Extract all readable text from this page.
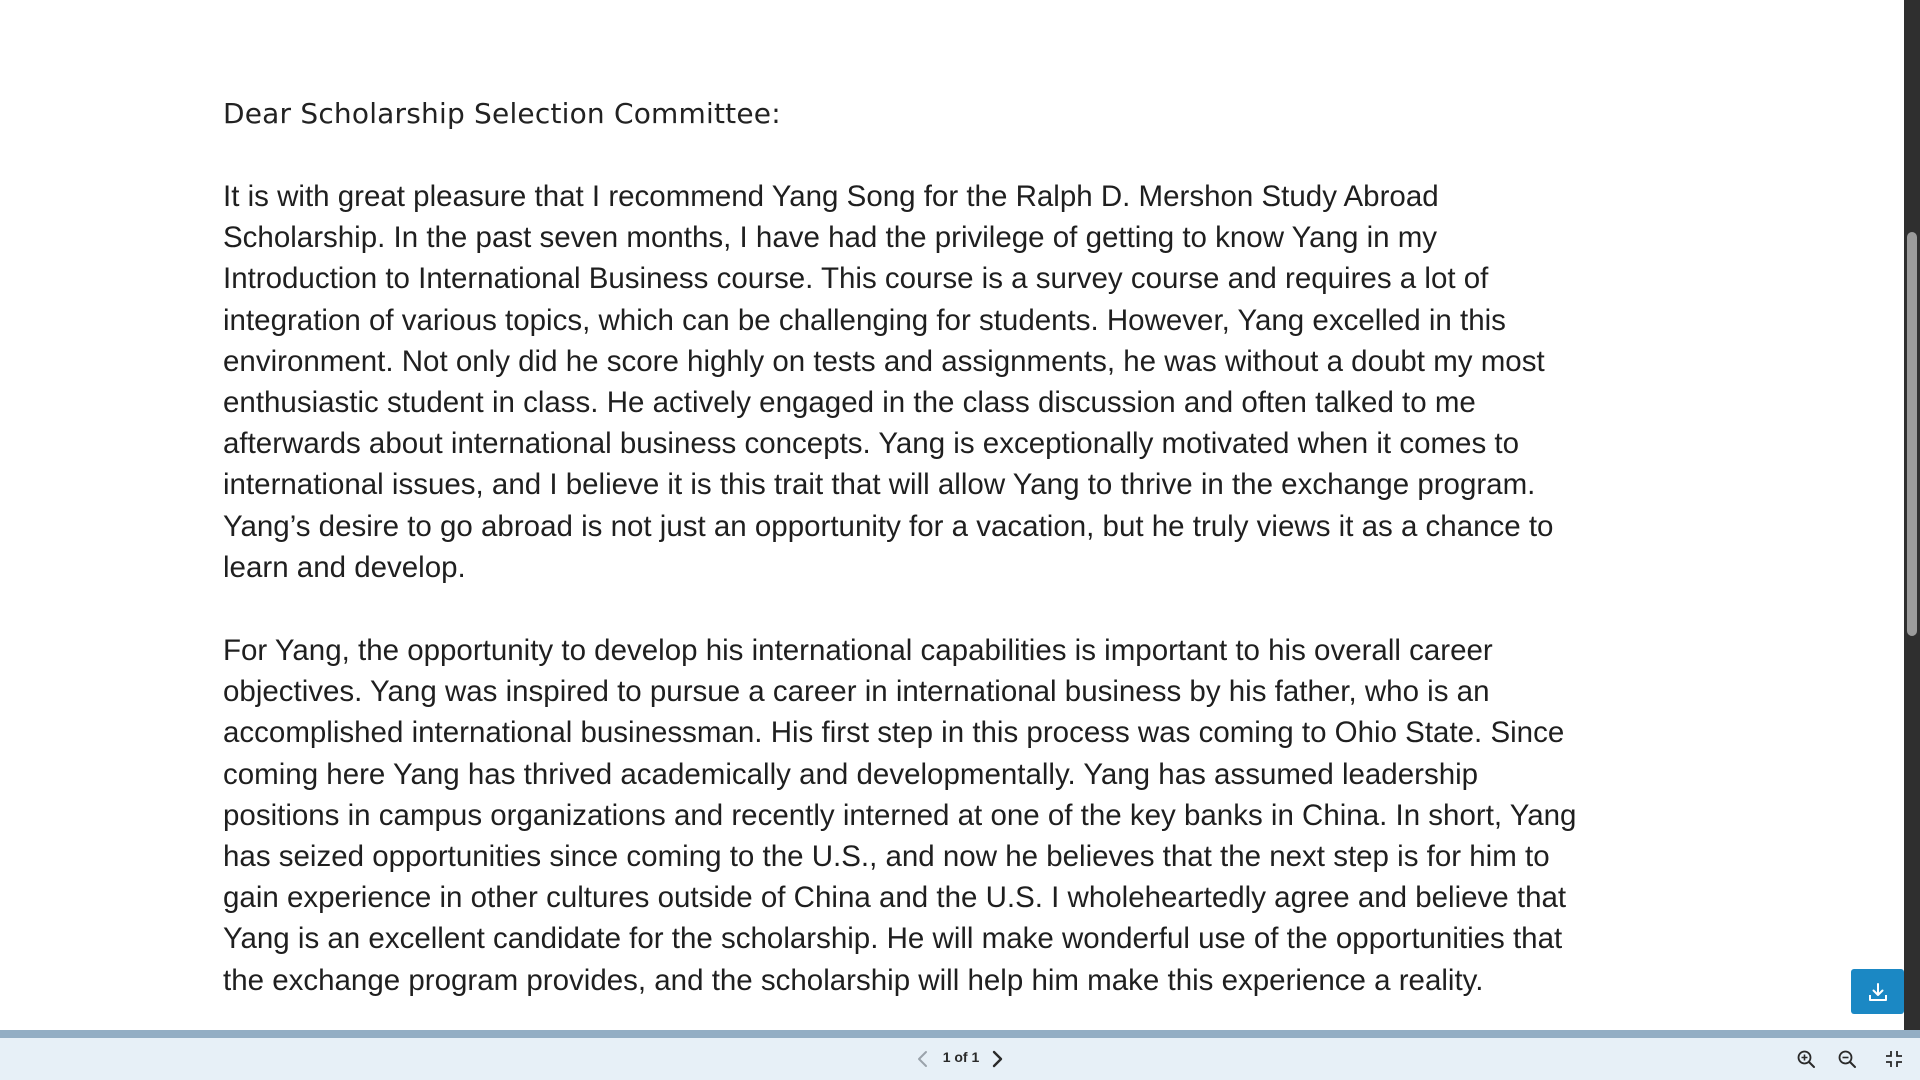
Dear Scholarship Selection Committee:

It is with great pleasure that I recommend Yang Song for the Ralph D. Mershon Study Abroad
Scholarship. In the past seven months, I have had the privilege of getting to know Yang in my
Introduction to International Business course. This course is a survey course and requires a lot of
integration of various topics, which can be challenging for students. However, Yang excelled in this
environment. Not only did he score highly on tests and assignments, he was without a doubt my most
enthusiastic student in class. He actively engaged in the class discussion and often talked to me
afterwards about international business concepts. Yang is exceptionally motivated when it comes to
international issues, and I believe it is this trait that will allow Yang to thrive in the exchange program.
Yang’s desire to go abroad is not just an opportunity for a vacation, but he truly views it as a chance to
learn and develop.

For Yang, the opportunity to develop his international capabilities is important to his overall career
objectives. Yang was inspired to pursue a career in international business by his father, who is an
accomplished international businessman. His first step in this process was coming to Ohio State. Since
coming here Yang has thrived academically and developmentally. Yang has assumed leadership
positions in campus organizations and recently interned at one of the key banks in China. In short, Yang
has seized opportunities since coming to the U.S., and now he believes that the next step is for him to
gain experience in other cultures outside of China and the U.S. I wholeheartedly agree and believe that
Yang is an excellent candidate for the scholarship. He will make wonderful use of the opportunities that
the exchange program provides, and the scholarship will help him make this experience a reality.

1 of 1
